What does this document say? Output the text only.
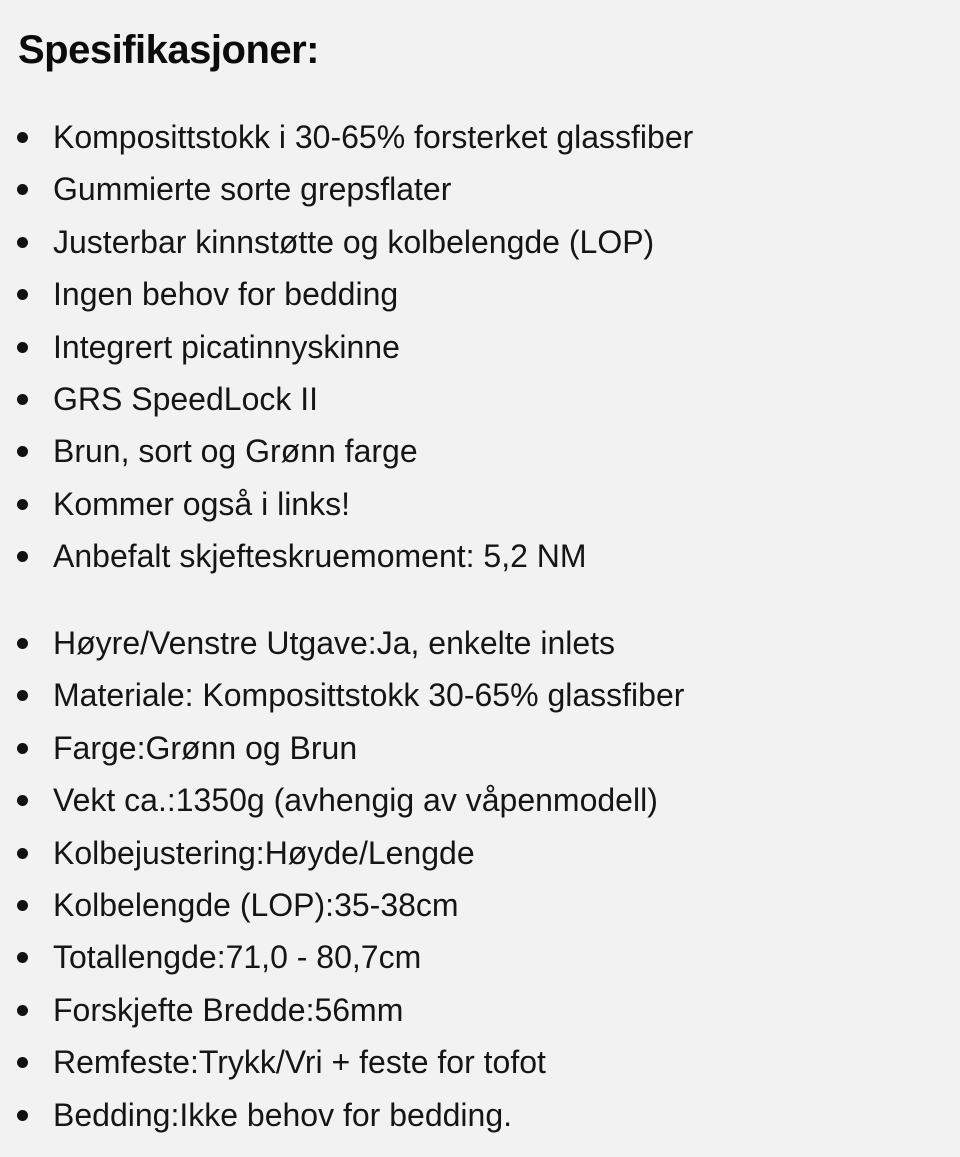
Spesifikasjoner:
Komposittstokk i 30-65% forsterket glassfiber
Gummierte sorte grepsflater
Justerbar kinnstøtte og kolbelengde (LOP)
Ingen behov for bedding
Integrert picatinnyskinne
GRS SpeedLock II
Brun, sort og Grønn farge
Kommer også i links!
Anbefalt skjefteskruemoment: 5,2 NM
Høyre/Venstre Utgave:Ja, enkelte inlets
Materiale: Komposittstokk 30-65% glassfiber
Farge:Grønn og Brun
Vekt ca.:1350g (avhengig av våpenmodell)
Kolbejustering:Høyde/Lengde
Kolbelengde (LOP):35-38cm
Totallengde:71,0 - 80,7cm
Forskjefte Bredde:56mm
Remfeste:Trykk/Vri + feste for tofot
Bedding:Ikke behov for bedding.
